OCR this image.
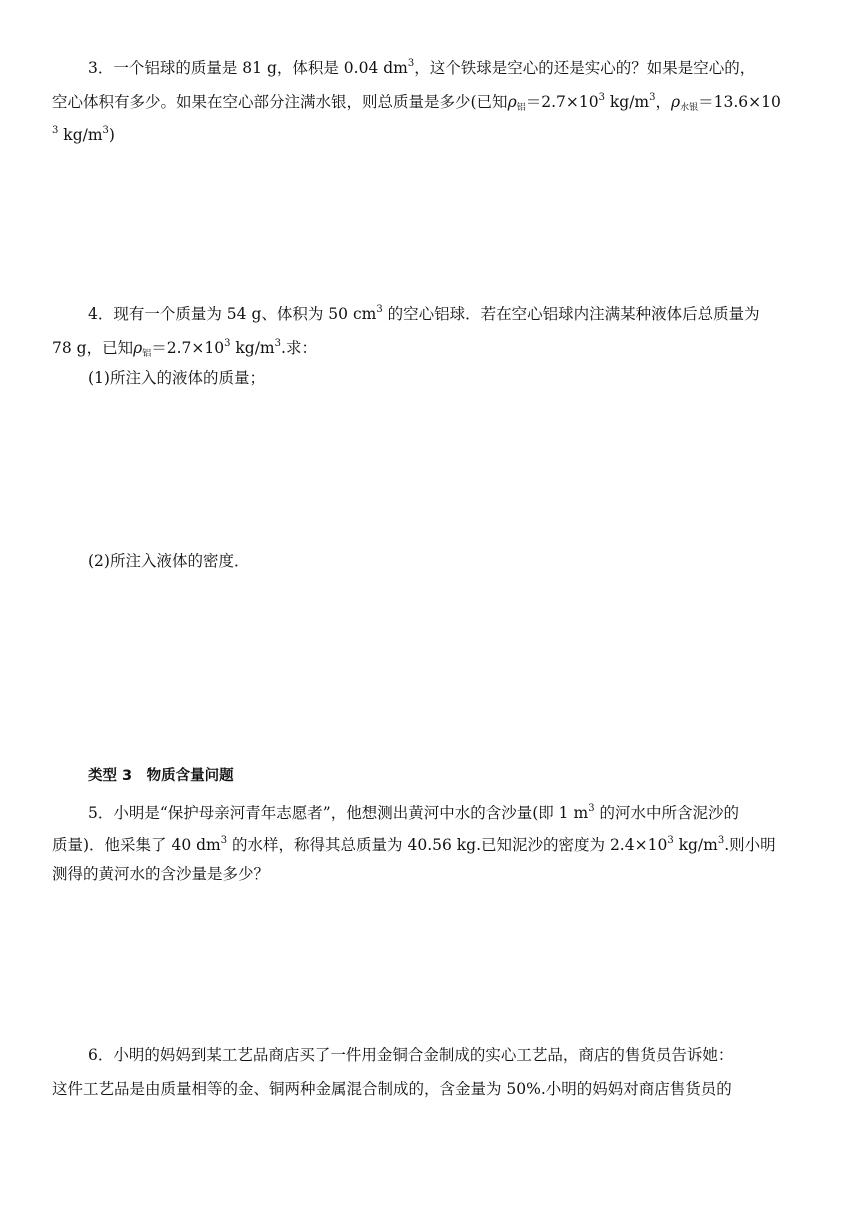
3．一个铝球的质量是 81 g，体积是 0.04 $dm^3$，这个铁球是空心的还是实心的？如果是空心的，
空心体积有多少。如果在空心部分注满水银，则总质量是多少(已知$\rho_铝=2.7\times 10^3$ $kg/m^3$，$\rho_{水银}=13.6\times 10$
$^3$ $kg/m^3$)
4．现有一个质量为 54 g、体积为 50 $cm^3$ 的空心铝球．若在空心铝球内注满某种液体后总质量为
78 g，已知$\rho_铝=2.7\times 10^3$ $kg/m^3$.求：
(1)所注入的液体的质量；
(2)所注入液体的密度．
类型 3　物质含量问题
5．小明是“保护母亲河青年志愿者”，他想测出黄河中水的含沙量(即 1 $m^3$ 的河水中所含泥沙的
质量)．他采集了 40 $dm^3$ 的水样，称得其总质量为 40.56 kg.已知泥沙的密度为 $2.4\times 10^3$ $kg/m^3$.则小明
测得的黄河水的含沙量是多少？
6．小明的妈妈到某工艺品商店买了一件用金铜合金制成的实心工艺品，商店的售货员告诉她：
这件工艺品是由质量相等的金、铜两种金属混合制成的，含金量为 50%.小明的妈妈对商店售货员的
